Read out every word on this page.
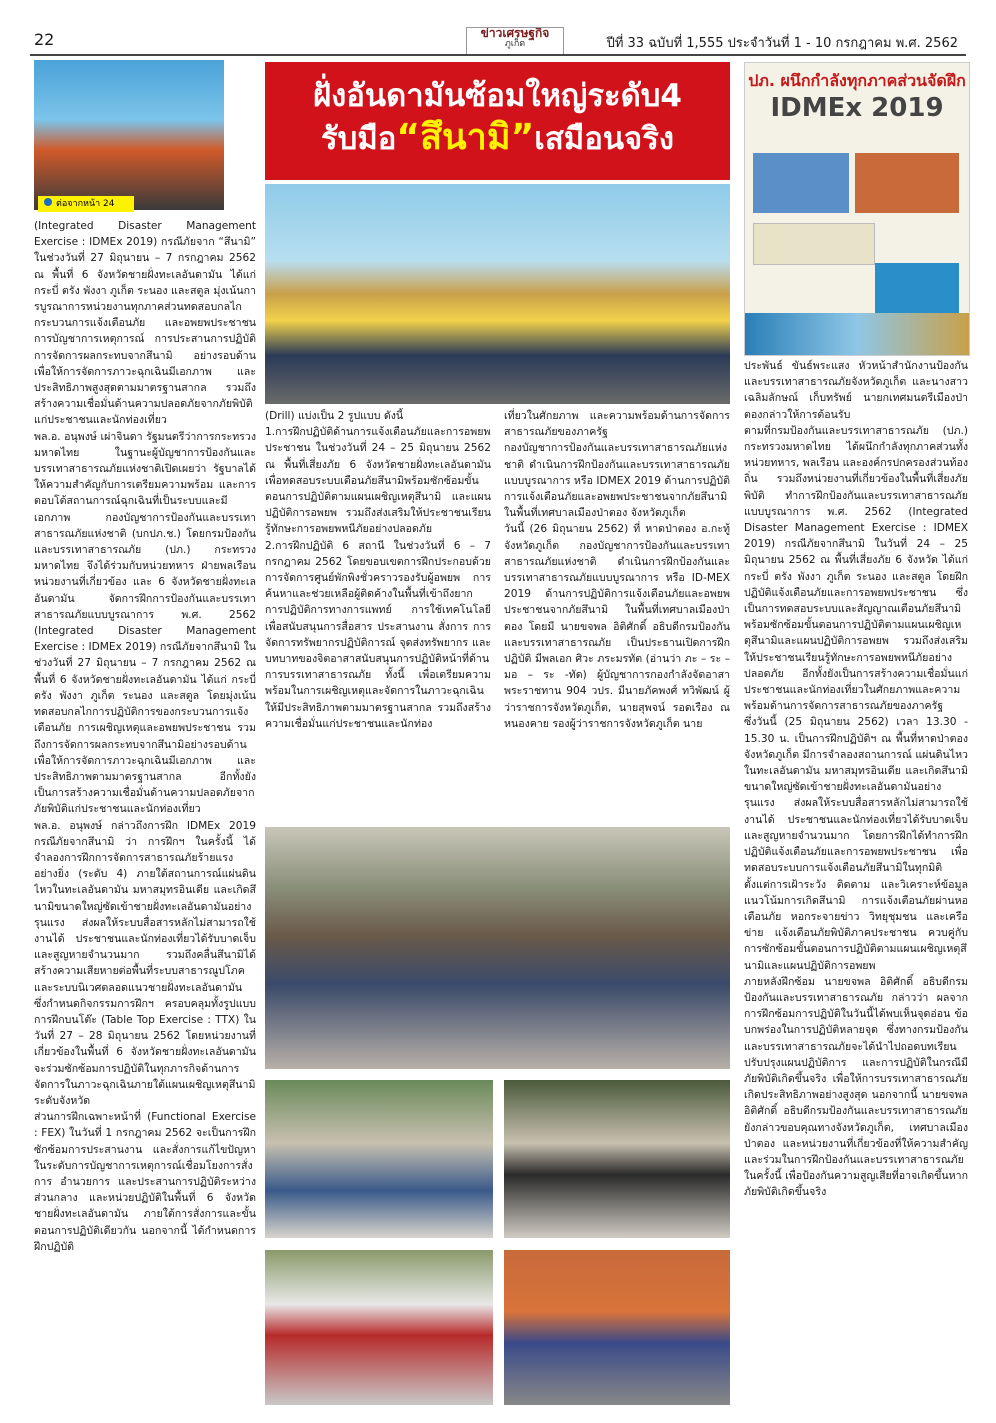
22	ข่าวเศรษฐกิจ
ภูเก็ต	ปีที่ 33 ฉบับที่ 1,555 ประจำวันที่ 1 - 10 กรกฎาคม พ.ศ. 2562
ต่อจากหน้า 24
ฝั่งอันดามันซ้อมใหญ่ระดับ4
รับมือ“สึนามิ”เสมือนจริง
ปภ. ผนึกกำลังทุกภาคส่วนจัดฝึก
IDMEx 2019

(Integrated Disaster Management Exercise : IDMEx 2019) กรณีภัยจาก “สึนามิ” ในช่วงวันที่ 27 มิถุนายน – 7 กรกฎาคม 2562 ณ พื้นที่ 6 จังหวัดชายฝั่งทะเลอันดามัน ได้แก่ กระบี่ ตรัง พังงา ภูเก็ต ระนอง และสตูล มุ่งเน้นการบูรณาการหน่วยงานทุกภาคส่วนทดสอบกลไกกระบวนการแจ้งเตือนภัย และอพยพประชาชน การบัญชาการเหตุการณ์ การประสานการปฏิบัติ การจัดการผลกระทบจากสึนามิ อย่างรอบด้าน เพื่อให้การจัดการภาวะฉุกเฉินมีเอกภาพ และประสิทธิภาพสูงสุดตามมาตรฐานสากล รวมถึงสร้างความเชื่อมั่นด้านความปลอดภัยจากภัยพิบัติแก่ประชาชนและนักท่องเที่ยว

พล.อ. อนุพงษ์ เผ่าจินดา รัฐมนตรีว่าการกระทรวงมหาดไทย ในฐานะผู้บัญชาการป้องกันและบรรเทาสาธารณภัยแห่งชาติเปิดเผยว่า รัฐบาลได้ให้ความสำคัญกับการเตรียมความพร้อม และการตอบโต้สถานการณ์ฉุกเฉินที่เป็นระบบและมีเอกภาพ กองบัญชาการป้องกันและบรรเทาสาธารณภัยแห่งชาติ (บกปภ.ช.) โดยกรมป้องกันและบรรเทาสาธารณภัย (ปภ.) กระทรวงมหาดไทย จึงได้ร่วมกับหน่วยทหาร ฝ่ายพลเรือน หน่วยงานที่เกี่ยวข้อง และ 6 จังหวัดชายฝั่งทะเลอันดามัน จัดการฝึกการป้องกันและบรรเทาสาธารณภัยแบบบูรณาการ พ.ศ. 2562 (Integrated Disaster Management Exercise : IDMEx 2019) กรณีภัยจากสึนามิ ในช่วงวันที่ 27 มิถุนายน – 7 กรกฎาคม 2562 ณ พื้นที่ 6 จังหวัดชายฝั่งทะเลอันดามัน ได้แก่ กระบี่ ตรัง พังงา ภูเก็ต ระนอง และสตูล โดยมุ่งเน้นทดสอบกลไกการปฏิบัติการของกระบวนการแจ้งเตือนภัย การเผชิญเหตุและอพยพประชาชน รวมถึงการจัดการผลกระทบจากสึนามิอย่างรอบด้าน เพื่อให้การจัดการภาวะฉุกเฉินมีเอกภาพ และประสิทธิภาพตามมาตรฐานสากล อีกทั้งยังเป็นการสร้างความเชื่อมั่นด้านความปลอดภัยจากภัยพิบัติแก่ประชาชนและนักท่องเที่ยว

พล.อ. อนุพงษ์ กล่าวถึงการฝึก IDMEx 2019 กรณีภัยจากสึนามิ ว่า การฝึกฯ ในครั้งนี้ ได้จำลองการฝึกการจัดการสาธารณภัยร้ายแรงอย่างยิ่ง (ระดับ 4) ภายใต้สถานการณ์แผ่นดินไหวในทะเลอันดามัน มหาสมุทรอินเดีย และเกิดสึนามิขนาดใหญ่ซัดเข้าชายฝั่งทะเลอันดามันอย่างรุนแรง ส่งผลให้ระบบสื่อสารหลักไม่สามารถใช้งานได้ ประชาชนและนักท่องเที่ยวได้รับบาดเจ็บและสูญหายจำนวนมาก รวมถึงคลื่นสึนามิได้สร้างความเสียหายต่อพื้นที่ระบบสาธารณูปโภค และระบบนิเวศตลอดแนวชายฝั่งทะเลอันดามัน ซึ่งกำหนดกิจกรรมการฝึกฯ ครอบคลุมทั้งรูปแบบการฝึกบนโต๊ะ (Table Top Exercise : TTX) ในวันที่ 27 – 28 มิถุนายน 2562 โดยหน่วยงานที่เกี่ยวข้องในพื้นที่ 6 จังหวัดชายฝั่งทะเลอันดามัน จะร่วมซักซ้อมการปฏิบัติในทุกภารกิจด้านการจัดการในภาวะฉุกเฉินภายใต้แผนเผชิญเหตุสึนามิระดับจังหวัด

ส่วนการฝึกเฉพาะหน้าที่ (Functional Exercise : FEX) ในวันที่ 1 กรกฎาคม 2562 จะเป็นการฝึกซักซ้อมการประสานงาน และสั่งการแก้ไขปัญหาในระดับการบัญชาการเหตุการณ์เชื่อมโยงการสั่งการ อำนวยการ และประสานการปฏิบัติระหว่างส่วนกลาง และหน่วยปฏิบัติในพื้นที่ 6 จังหวัดชายฝั่งทะเลอันดามัน ภายใต้การสั่งการและขั้นตอนการปฏิบัติเดียวกัน นอกจากนี้ ได้กำหนดการฝึกปฏิบัติ

(Drill) แบ่งเป็น 2 รูปแบบ ดังนี้

1.การฝึกปฏิบัติด้านการแจ้งเตือนภัยและการอพยพประชาชน ในช่วงวันที่ 24 – 25 มิถุนายน 2562 ณ พื้นที่เสี่ยงภัย 6 จังหวัดชายฝั่งทะเลอันดามัน เพื่อทดสอบระบบเตือนภัยสึนามิพร้อมซักซ้อมขั้นตอนการปฏิบัติตามแผนเผชิญเหตุสึนามิ และแผนปฏิบัติการอพยพ รวมถึงส่งเสริมให้ประชาชนเรียนรู้ทักษะการอพยพหนีภัยอย่างปลอดภัย

2.การฝึกปฏิบัติ 6 สถานี ในช่วงวันที่ 6 – 7 กรกฎาคม 2562 โดยขอบเขตการฝึกประกอบด้วย การจัดการศูนย์พักพิงชั่วคราวรองรับผู้อพยพ การค้นหาและช่วยเหลือผู้ติดค้างในพื้นที่เข้าถึงยาก การปฏิบัติการทางการแพทย์ การใช้เทคโนโลยีเพื่อสนับสนุนการสื่อสาร ประสานงาน สั่งการ การจัดการทรัพยากรปฏิบัติการณ์ จุดส่งทรัพยากร และบทบาทของจิตอาสาสนับสนุนการปฏิบัติหน้าที่ด้านการบรรเทาสาธารณภัย ทั้งนี้ เพื่อเตรียมความพร้อมในการเผชิญเหตุและจัดการในภาวะฉุกเฉินให้มีประสิทธิภาพตามมาตรฐานสากล รวมถึงสร้างความเชื่อมั่นแก่ประชาชนและนักท่อง

เที่ยวในศักยภาพ และความพร้อมด้านการจัดการสาธารณภัยของภาครัฐ

กองบัญชาการป้องกันและบรรเทาสาธารณภัยแห่งชาติ ดำเนินการฝึกป้องกันและบรรเทาสาธารณภัยแบบบูรณาการ หรือ IDMEX 2019 ด้านการปฏิบัติการแจ้งเตือนภัยและอพยพประชาชนจากภัยสึนามิ ในพื้นที่เทศบาลเมืองป่าตอง จังหวัดภูเก็ต

วันนี้ (26 มิถุนายน 2562) ที่ หาดป่าตอง อ.กะทู้ จังหวัดภูเก็ต กองบัญชาการป้องกันและบรรเทาสาธารณภัยแห่งชาติ ดำเนินการฝึกป้องกันและบรรเทาสาธารณภัยแบบบูรณาการ หรือ ID-MEX 2019 ด้านการปฏิบัติการแจ้งเตือนภัยและอพยพประชาชนจากภัยสึนามิ ในพื้นที่เทศบาลเมืองป่าตอง โดยมี นายขจพล อิติศักดิ์ อธิบดีกรมป้องกันและบรรเทาสาธารณภัย เป็นประธานเปิดการฝึกปฏิบัติ มีพลเอก ศิวะ ภระมรทัต (อ่านว่า ภะ – ระ – มอ – ระ -ทัด) ผู้บัญชาการกองกำลังจัดอาสาพระราชทาน 904 วปร. มีนายภัคพงศ์ ทวิพัฒน์ ผู้ว่าราชการจังหวัดภูเก็ต, นายสุพจน์ รอดเรือง ณ หนองคาย รองผู้ว่าราชการจังหวัดภูเก็ต นาย

ประพันธ์ ขันธ์พระแสง หัวหน้าสำนักงานป้องกันและบรรเทาสาธารณภัยจังหวัดภูเก็ต และนางสาวเฉลิมลักษณ์ เก็บทรัพย์ นายกเทศมนตรีเมืองป่าตองกล่าวให้การต้อนรับ

ตามที่กรมป้องกันและบรรเทาสาธารณภัย (ปภ.) กระทรวงมหาดไทย ได้ผนึกกำลังทุกภาคส่วนทั้งหน่วยทหาร, พลเรือน และองค์กรปกครองส่วนท้องถิ่น รวมถึงหน่วยงานที่เกี่ยวข้องในพื้นที่เสี่ยงภัยพิบัติ ทำการฝึกป้องกันและบรรเทาสาธารณภัยแบบบูรณาการ พ.ศ. 2562 (Integrated Disaster Management Exercise : IDMEX 2019) กรณีภัยจากสึนามิ ในวันที่ 24 – 25 มิถุนายน 2562 ณ พื้นที่เสี่ยงภัย 6 จังหวัด ได้แก่ กระบี่ ตรัง พังงา ภูเก็ต ระนอง และสตูล โดยฝึกปฏิบัติแจ้งเตือนภัยและการอพยพประชาชน ซึ่งเป็นการทดสอบระบบและสัญญาณเตือนภัยสึนามิ พร้อมซักซ้อมขั้นตอนการปฏิบัติตามแผนเผชิญเหตุสึนามิและแผนปฏิบัติการอพยพ รวมถึงส่งเสริมให้ประชาชนเรียนรู้ทักษะการอพยพหนีภัยอย่างปลอดภัย อีกทั้งยังเป็นการสร้างความเชื่อมั่นแก่ประชาชนและนักท่องเที่ยวในศักยภาพและความพร้อมด้านการจัดการสาธารณภัยของภาครัฐ

ซึ่งวันนี้ (25 มิถุนายน 2562) เวลา 13.30 - 15.30 น. เป็นการฝึกปฏิบัติฯ ณ พื้นที่หาดป่าตอง จังหวัดภูเก็ต มีการจำลองสถานการณ์ แผ่นดินไหวในทะเลอันดามัน มหาสมุทรอินเดีย และเกิดสึนามิขนาดใหญ่ซัดเข้าชายฝั่งทะเลอันดามันอย่างรุนแรง ส่งผลให้ระบบสื่อสารหลักไม่สามารถใช้งานได้ ประชาชนและนักท่องเที่ยวได้รับบาดเจ็บและสูญหายจำนวนมาก โดยการฝึกได้ทำการฝึกปฏิบัติแจ้งเตือนภัยและการอพยพประชาชน เพื่อทดสอบระบบการแจ้งเตือนภัยสึนามิในทุกมิติ ตั้งแต่การเฝ้าระวัง ติดตาม และวิเคราะห์ข้อมูลแนวโน้มการเกิดสึนามิ การแจ้งเตือนภัยผ่านหอเตือนภัย หอกระจายข่าว วิทยุชุมชน และเครือข่าย แจ้งเตือนภัยพิบัติภาคประชาชน ควบคู่กับการซักซ้อมขั้นตอนการปฏิบัติตามแผนเผชิญเหตุสึนามิและแผนปฏิบัติการอพยพ

ภายหลังฝึกซ้อม นายขจพล อิติศักดิ์ อธิบดีกรมป้องกันและบรรเทาสาธารณภัย กล่าวว่า ผลจากการฝึกซ้อมการปฏิบัติในวันนี้ได้พบเห็นจุดอ่อน ข้อบกพร่องในการปฏิบัติหลายจุด ซึ่งทางกรมป้องกันและบรรเทาสาธารณภัยจะได้นำไปถอดบทเรียน ปรับปรุงแผนปฏิบัติการ และการปฏิบัติในกรณีมีภัยพิบัติเกิดขึ้นจริง เพื่อให้การบรรเทาสาธารณภัยเกิดประสิทธิภาพอย่างสูงสุด นอกจากนี้ นายขจพล อิติศักดิ์ อธิบดีกรมป้องกันและบรรเทาสาธารณภัย ยังกล่าวขอบคุณทางจังหวัดภูเก็ต, เทศบาลเมืองป่าตอง และหน่วยงานที่เกี่ยวข้องที่ให้ความสำคัญและร่วมในการฝึกป้องกันและบรรเทาสาธารณภัยในครั้งนี้ เพื่อป้องกันความสูญเสียที่อาจเกิดขึ้นหากภัยพิบัติเกิดขึ้นจริง
